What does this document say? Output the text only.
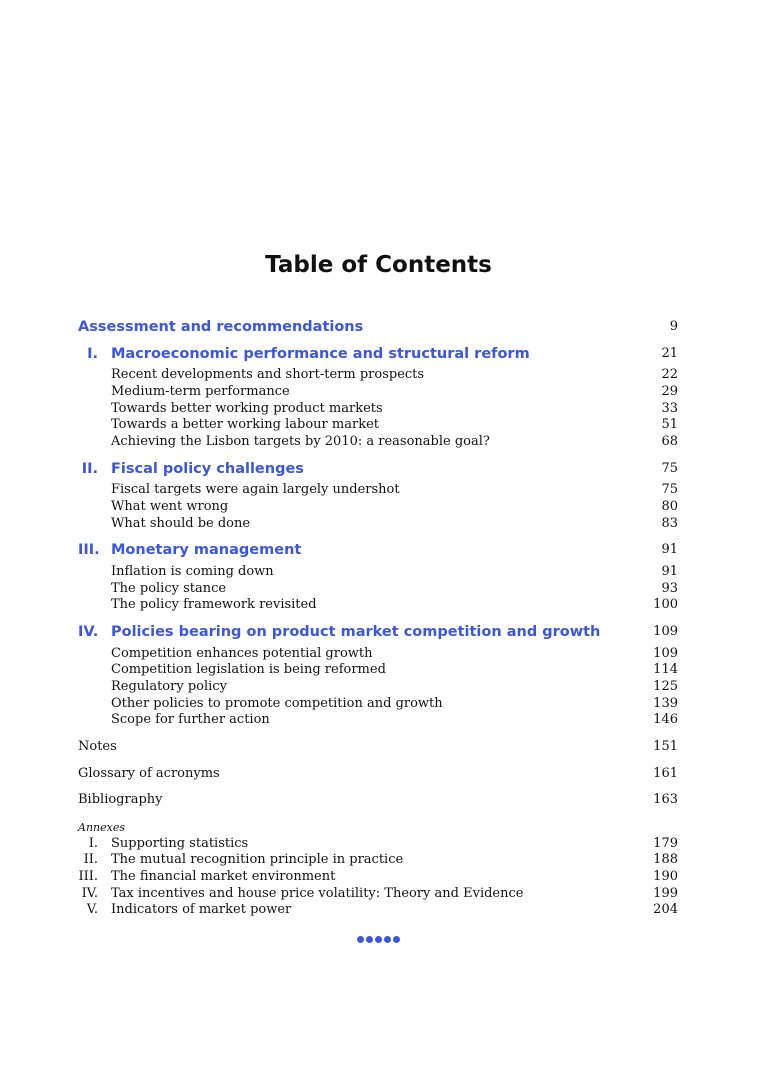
Table of Contents
Assessment and recommendations	9
I. Macroeconomic performance and structural reform	21
Recent developments and short-term prospects	22
Medium-term performance	29
Towards better working product markets	33
Towards a better working labour market	51
Achieving the Lisbon targets by 2010: a reasonable goal?	68
II. Fiscal policy challenges	75
Fiscal targets were again largely undershot	75
What went wrong	80
What should be done	83
III. Monetary management	91
Inflation is coming down	91
The policy stance	93
The policy framework revisited	100
IV. Policies bearing on product market competition and growth	109
Competition enhances potential growth	109
Competition legislation is being reformed	114
Regulatory policy	125
Other policies to promote competition and growth	139
Scope for further action	146
Notes	151
Glossary of acronyms	161
Bibliography	163
Annexes
I. Supporting statistics	179
II. The mutual recognition principle in practice	188
III. The financial market environment	190
IV. Tax incentives and house price volatility: Theory and Evidence	199
V. Indicators of market power	204
